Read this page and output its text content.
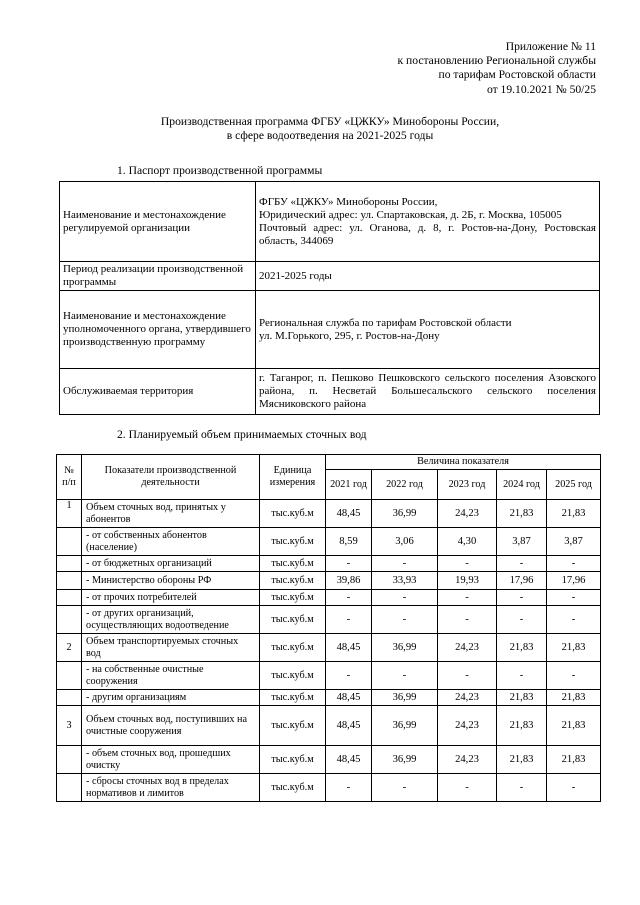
Приложение № 11
к постановлению Региональной службы
по тарифам Ростовской области
от 19.10.2021 № 50/25
Производственная программа ФГБУ «ЦЖКУ» Минобороны России,
в сфере водоотведения на 2021-2025 годы
1. Паспорт производственной программы
Наименование и местонахождение регулируемой организации	ФГБУ «ЦЖКУ» Минобороны России,
Юридический адрес: ул. Спартаковская, д. 2Б, г. Москва, 105005
Почтовый адрес: ул. Оганова, д. 8, г. Ростов-на-Дону, Ростовская область, 344069

Период реализации производственной программы	2021-2025 годы

Наименование и местонахождение уполномоченного органа, утвердившего производственную программу	Региональная служба по тарифам Ростовской области
ул. М.Горького, 295, г. Ростов-на-Дону

Обслуживаемая территория	г. Таганрог, п. Пешково Пешковского сельского поселения Азовского района, п. Несветай Большесальского сельского поселения Мясниковского района
2. Планируемый объем принимаемых сточных вод
№ п/п	Показатели производственной деятельности	Единица измерения	Величина показателя				
			2021 год	2022 год	2023 год	2024 год	2025 год
1	Объем сточных вод, принятых у абонентов	тыс.куб.м	48,45	36,99	24,23	21,83	21,83
	- от собственных абонентов (население)	тыс.куб.м	8,59	3,06	4,30	3,87	3,87
	- от бюджетных организаций	тыс.куб.м	-	-	-	-	-
	- Министерство обороны РФ	тыс.куб.м	39,86	33,93	19,93	17,96	17,96
	- от прочих потребителей	тыс.куб.м	-	-	-	-	-
	- от других организаций, осуществляющих водоотведение	тыс.куб.м	-	-	-	-	-
2	Объем транспортируемых сточных вод	тыс.куб.м	48,45	36,99	24,23	21,83	21,83
	- на собственные очистные сооружения	тыс.куб.м	-	-	-	-	-
	- другим организациям	тыс.куб.м	48,45	36,99	24,23	21,83	21,83
3	Объем сточных вод, поступивших на очистные сооружения	тыс.куб.м	48,45	36,99	24,23	21,83	21,83
	- объем сточных вод, прошедших очистку	тыс.куб.м	48,45	36,99	24,23	21,83	21,83
	- сбросы сточных вод в пределах нормативов и лимитов	тыс.куб.м	-	-	-	-	-
